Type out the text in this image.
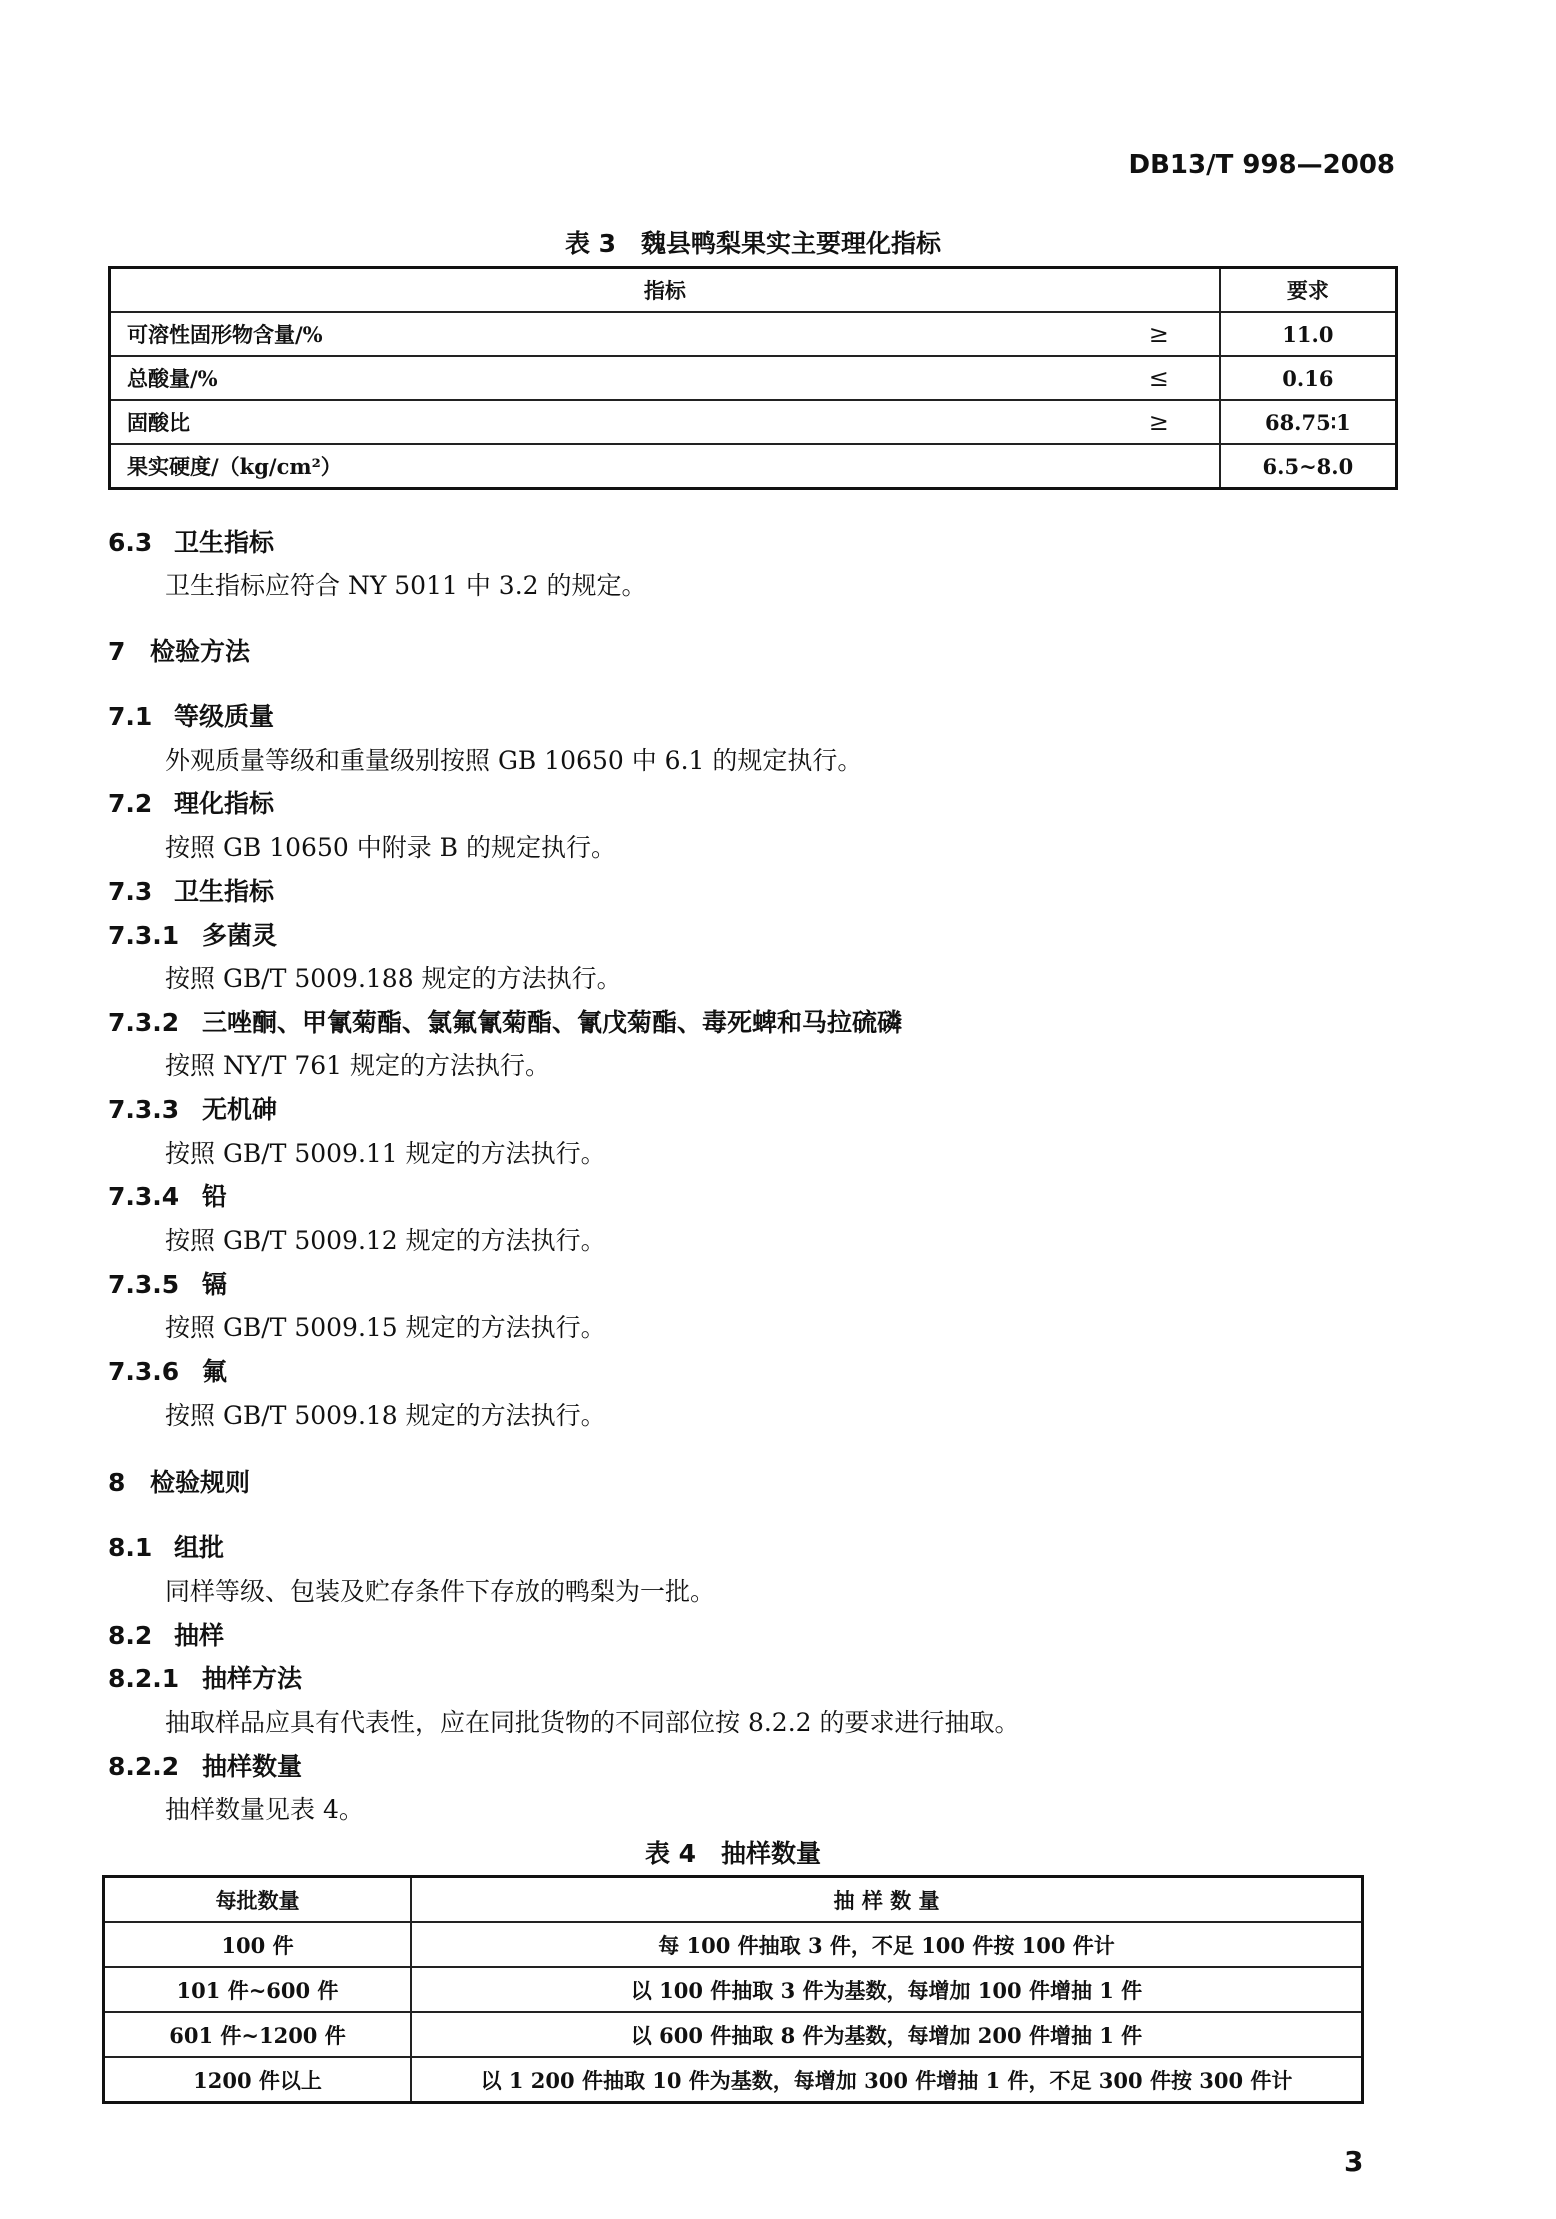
DB13/T 998—2008
表 3　魏县鸭梨果实主要理化指标
指标		要求
可溶性固形物含量/%	≥	11.0
总酸量/%	≤	0.16
固酸比	≥	68.75∶1
果实硬度/（kg/cm²）		6.5~8.0
6.3 卫生指标
卫生指标应符合 NY 5011 中 3.2 的规定。
7 检验方法
7.1 等级质量
外观质量等级和重量级别按照 GB 10650 中 6.1 的规定执行。
7.2 理化指标
按照 GB 10650 中附录 B 的规定执行。
7.3 卫生指标
7.3.1 多菌灵
按照 GB/T 5009.188 规定的方法执行。
7.3.2 三唑酮、甲氰菊酯、氯氟氰菊酯、氰戊菊酯、毒死蜱和马拉硫磷
按照 NY/T 761 规定的方法执行。
7.3.3 无机砷
按照 GB/T 5009.11 规定的方法执行。
7.3.4 铅
按照 GB/T 5009.12 规定的方法执行。
7.3.5 镉
按照 GB/T 5009.15 规定的方法执行。
7.3.6 氟
按照 GB/T 5009.18 规定的方法执行。
8 检验规则
8.1 组批
同样等级、包装及贮存条件下存放的鸭梨为一批。
8.2 抽样
8.2.1 抽样方法
抽取样品应具有代表性，应在同批货物的不同部位按 8.2.2 的要求进行抽取。
8.2.2 抽样数量
抽样数量见表 4。
表 4　抽样数量
每批数量	抽 样 数 量
100 件	每 100 件抽取 3 件，不足 100 件按 100 件计
101 件~600 件	以 100 件抽取 3 件为基数，每增加 100 件增抽 1 件
601 件~1200 件	以 600 件抽取 8 件为基数，每增加 200 件增抽 1 件
1200 件以上	以 1 200 件抽取 10 件为基数，每增加 300 件增抽 1 件，不足 300 件按 300 件计
3
